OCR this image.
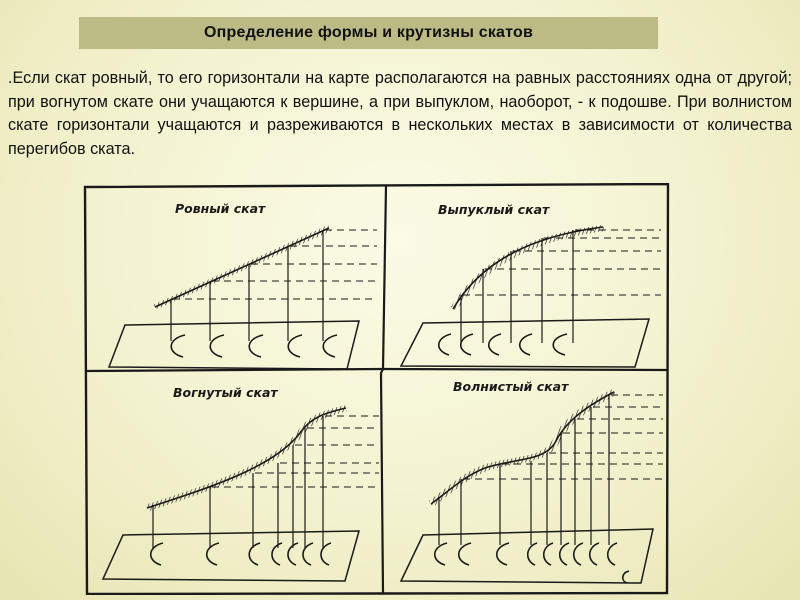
Определение формы и крутизны скатов

.Если скат ровный, то его горизонтали на карте располагаются на равных расстояниях одна от другой; при вогнутом скате они учащаются к вершине, а при выпуклом, наоборот, - к подошве. При волнистом скате горизонтали учащаются и разреживаются в нескольких местах в зависимости от количества перегибов ската.

Ровный скат	Выпуклый скат
Вогнутый скат	Волнистый скат
